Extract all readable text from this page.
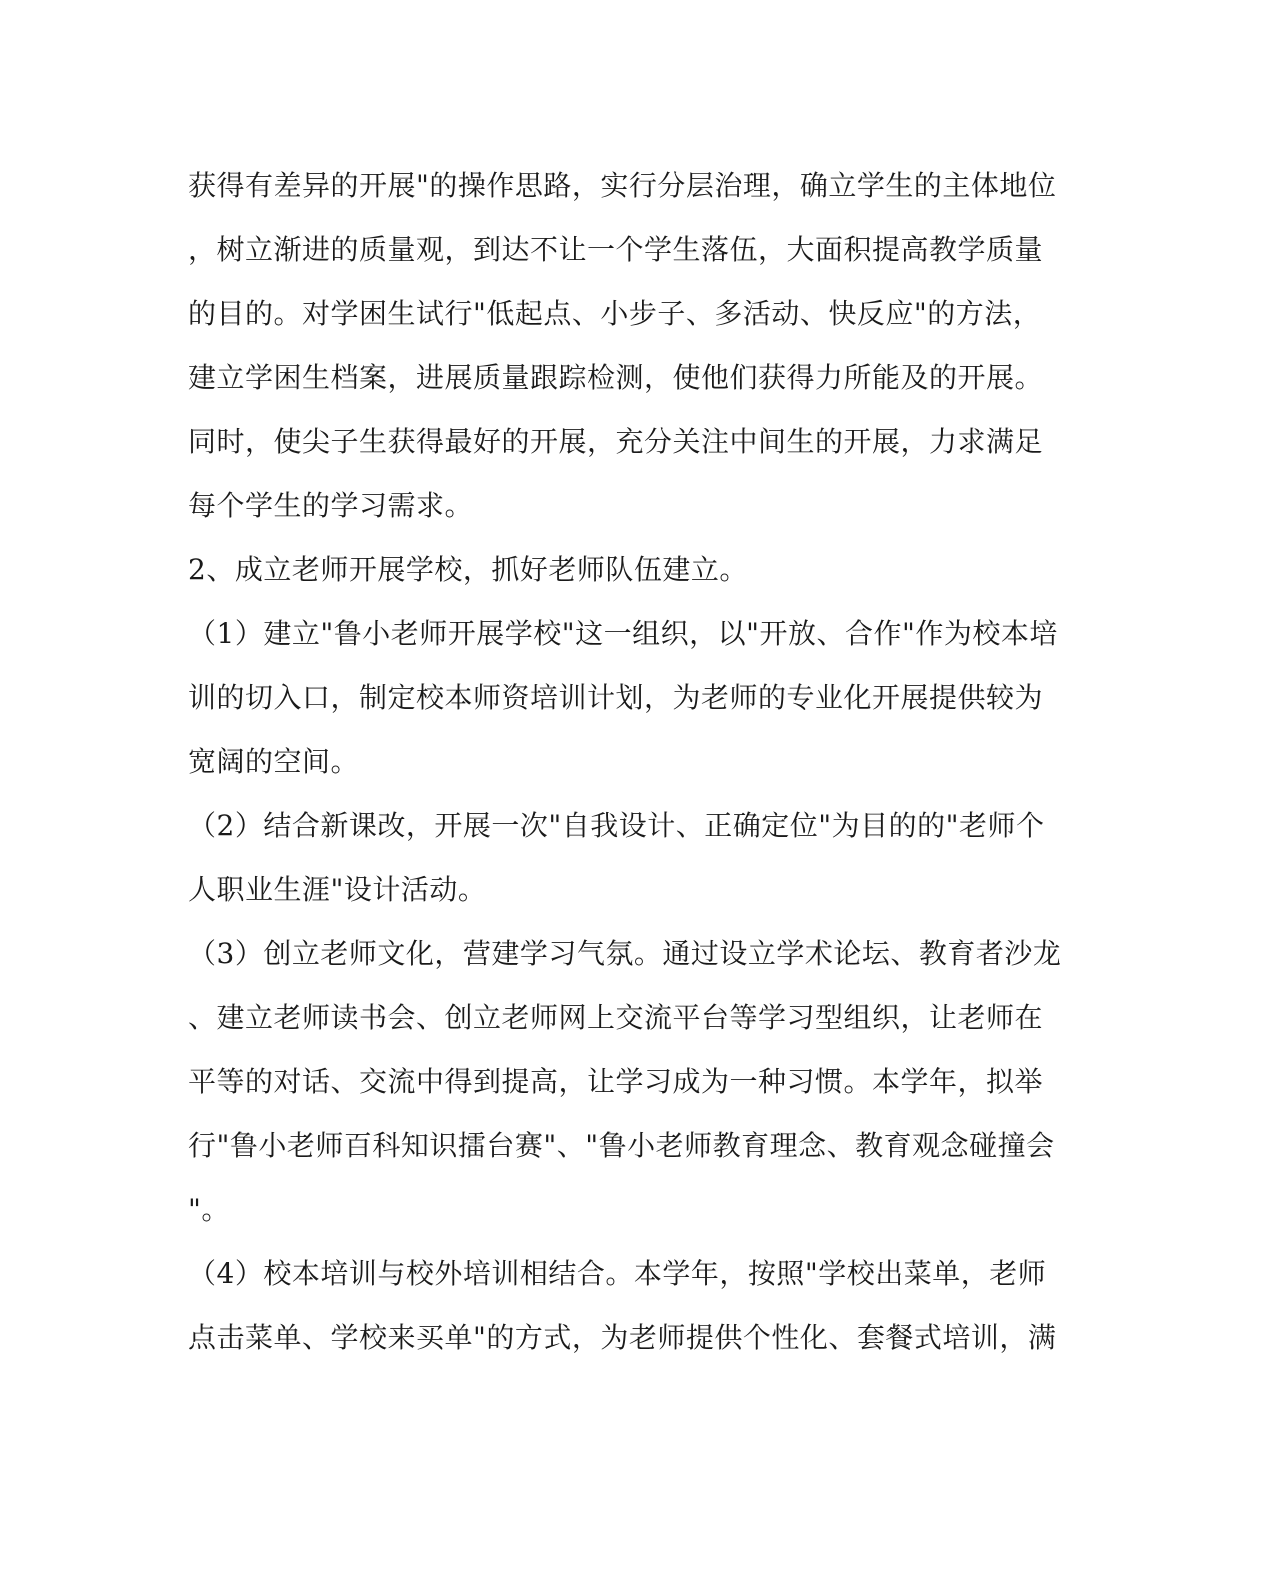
获得有差异的开展"的操作思路，实行分层治理，确立学生的主体地位
，树立渐进的质量观，到达不让一个学生落伍，大面积提高教学质量
的目的。对学困生试行"低起点、小步子、多活动、快反应"的方法，
建立学困生档案，进展质量跟踪检测，使他们获得力所能及的开展。
同时，使尖子生获得最好的开展，充分关注中间生的开展，力求满足
每个学生的学习需求。
2、成立老师开展学校，抓好老师队伍建立。
（1）建立"鲁小老师开展学校"这一组织，以"开放、合作"作为校本培
训的切入口，制定校本师资培训计划，为老师的专业化开展提供较为
宽阔的空间。
（2）结合新课改，开展一次"自我设计、正确定位"为目的的"老师个
人职业生涯"设计活动。
（3）创立老师文化，营建学习气氛。通过设立学术论坛、教育者沙龙
、建立老师读书会、创立老师网上交流平台等学习型组织，让老师在
平等的对话、交流中得到提高，让学习成为一种习惯。本学年，拟举
行"鲁小老师百科知识擂台赛"、"鲁小老师教育理念、教育观念碰撞会
"。
（4）校本培训与校外培训相结合。本学年，按照"学校出菜单，老师
点击菜单、学校来买单"的方式，为老师提供个性化、套餐式培训，满
